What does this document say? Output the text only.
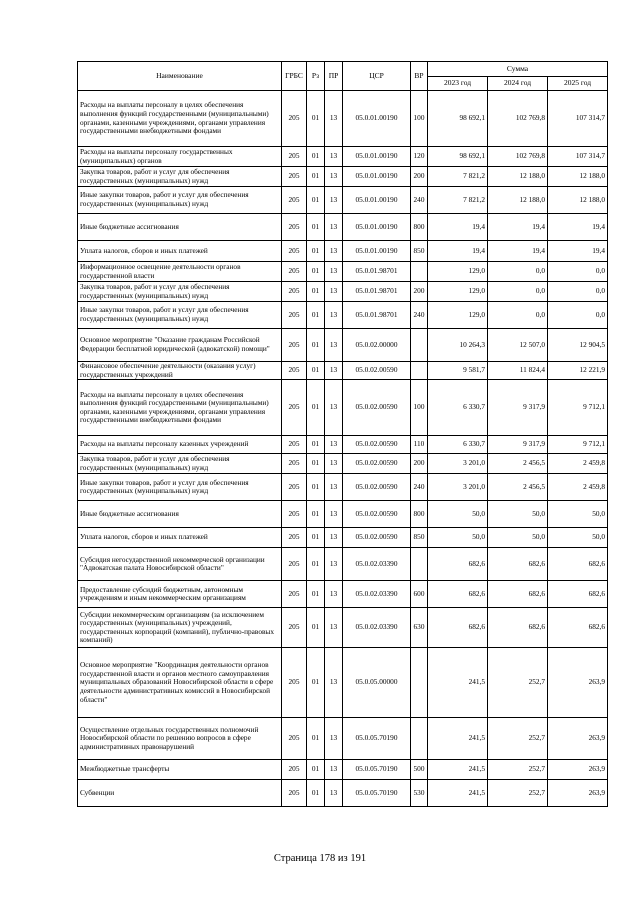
Наименование	ГРБС	Рз	ПР	ЦСР	ВР	Сумма		
						2023 год	2024 год	2025 год
Расходы на выплаты персоналу в целях обеспечения выполнения функций государственными (муниципальными) органами, казенными учреждениями, органами управления государственными внебюджетными фондами	205	01	13	05.0.01.00190	100	98 692,1	102 769,8	107 314,7
Расходы на выплаты персоналу государственных (муниципальных) органов	205	01	13	05.0.01.00190	120	98 692,1	102 769,8	107 314,7
Закупка товаров, работ и услуг для обеспечения государственных (муниципальных) нужд	205	01	13	05.0.01.00190	200	7 821,2	12 188,0	12 188,0
Иные закупки товаров, работ и услуг для обеспечения государственных (муниципальных) нужд	205	01	13	05.0.01.00190	240	7 821,2	12 188,0	12 188,0
Иные бюджетные ассигнования	205	01	13	05.0.01.00190	800	19,4	19,4	19,4
Уплата налогов, сборов и иных платежей	205	01	13	05.0.01.00190	850	19,4	19,4	19,4
Информационное освещение деятельности органов государственной власти	205	01	13	05.0.01.98701		129,0	0,0	0,0
Закупка товаров, работ и услуг для обеспечения государственных (муниципальных) нужд	205	01	13	05.0.01.98701	200	129,0	0,0	0,0
Иные закупки товаров, работ и услуг для обеспечения государственных (муниципальных) нужд	205	01	13	05.0.01.98701	240	129,0	0,0	0,0
Основное мероприятие "Оказание гражданам Российской Федерации бесплатной юридической (адвокатской) помощи"	205	01	13	05.0.02.00000		10 264,3	12 507,0	12 904,5
Финансовое обеспечение деятельности (оказания услуг) государственных учреждений	205	01	13	05.0.02.00590		9 581,7	11 824,4	12 221,9
Расходы на выплаты персоналу в целях обеспечения выполнения функций государственными (муниципальными) органами, казенными учреждениями, органами управления государственными внебюджетными фондами	205	01	13	05.0.02.00590	100	6 330,7	9 317,9	9 712,1
Расходы на выплаты персоналу казенных учреждений	205	01	13	05.0.02.00590	110	6 330,7	9 317,9	9 712,1
Закупка товаров, работ и услуг для обеспечения государственных (муниципальных) нужд	205	01	13	05.0.02.00590	200	3 201,0	2 456,5	2 459,8
Иные закупки товаров, работ и услуг для обеспечения государственных (муниципальных) нужд	205	01	13	05.0.02.00590	240	3 201,0	2 456,5	2 459,8
Иные бюджетные ассигнования	205	01	13	05.0.02.00590	800	50,0	50,0	50,0
Уплата налогов, сборов и иных платежей	205	01	13	05.0.02.00590	850	50,0	50,0	50,0
Субсидия негосударственной некоммерческой организации "Адвокатская палата Новосибирской области"	205	01	13	05.0.02.03390		682,6	682,6	682,6
Предоставление субсидий бюджетным, автономным учреждениям и иным некоммерческим организациям	205	01	13	05.0.02.03390	600	682,6	682,6	682,6
Субсидии некоммерческим организациям (за исключением государственных (муниципальных) учреждений, государственных корпораций (компаний), публично-правовых компаний)	205	01	13	05.0.02.03390	630	682,6	682,6	682,6
Основное мероприятие "Координация деятельности органов государственной власти и органов местного самоуправления муниципальных образований Новосибирской области в сфере деятельности административных комиссий в Новосибирской области"	205	01	13	05.0.05.00000		241,5	252,7	263,9
Осуществление отдельных государственных полномочий Новосибирской области по решению вопросов в сфере административных правонарушений	205	01	13	05.0.05.70190		241,5	252,7	263,9
Межбюджетные трансферты	205	01	13	05.0.05.70190	500	241,5	252,7	263,9
Субвенции	205	01	13	05.0.05.70190	530	241,5	252,7	263,9
Страница 178 из 191
